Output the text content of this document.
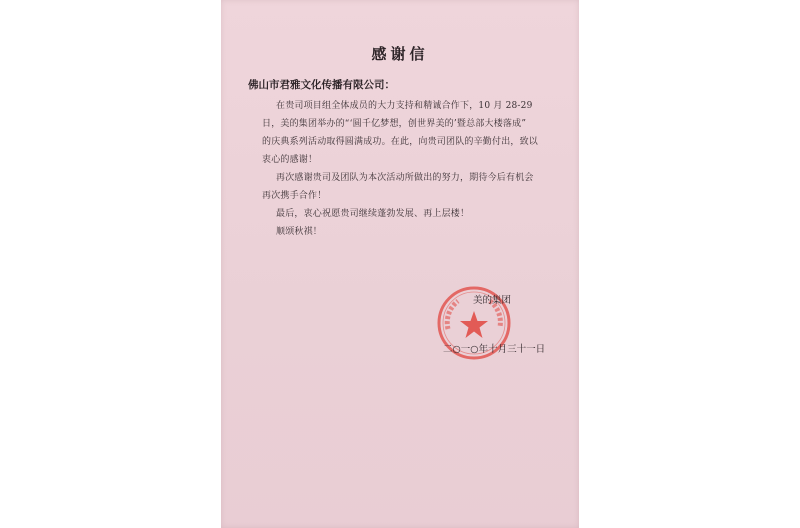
感谢信
佛山市君雅文化传播有限公司：
在贵司项目组全体成员的大力支持和精诚合作下，10 月 28-29
日，美的集团举办的“‘圆千亿梦想，创世界美的’暨总部大楼落成”
的庆典系列活动取得圆满成功。在此，向贵司团队的辛勤付出，致以
衷心的感谢！
再次感谢贵司及团队为本次活动所做出的努力，期待今后有机会
再次携手合作！
最后，衷心祝愿贵司继续蓬勃发展、再上层楼！
顺颂秋祺！
美的集团
二○一○年十月三十一日
